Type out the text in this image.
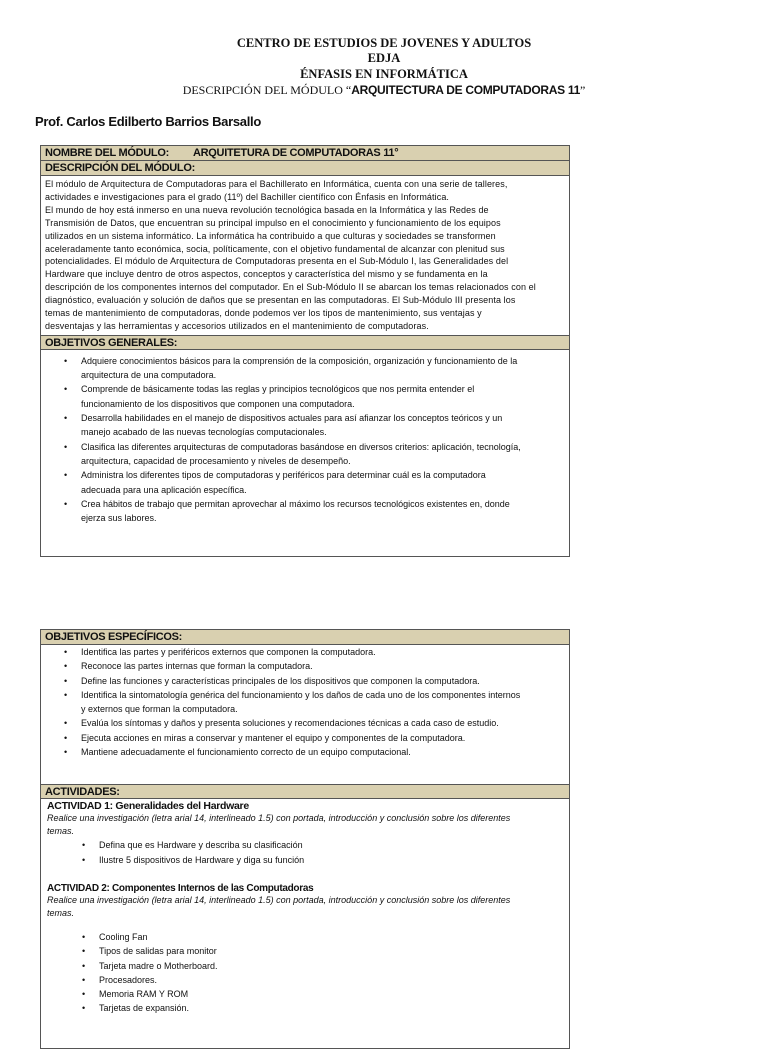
CENTRO DE ESTUDIOS DE JOVENES Y ADULTOS
EDJA
ÉNFASIS EN INFORMÁTICA
DESCRIPCIÓN DEL MÓDULO “ARQUITECTURA DE COMPUTADORAS 11”
Prof. Carlos Edilberto Barrios Barsallo
NOMBRE DEL MÓDULO: ARQUITETURA DE COMPUTADORAS 11°
DESCRIPCIÓN DEL MÓDULO:
El módulo de Arquitectura de Computadoras para el Bachillerato en Informática, cuenta con una serie de talleres,
actividades e investigaciones para el grado (11º) del Bachiller científico con Énfasis en Informática.
El mundo de hoy está inmerso en una nueva revolución tecnológica basada en la Informática y las Redes de
Transmisión de Datos, que encuentran su principal impulso en el conocimiento y funcionamiento de los equipos
utilizados en un sistema informático. La informática ha contribuido a que culturas y sociedades se transformen
aceleradamente tanto económica, socia, políticamente, con el objetivo fundamental de alcanzar con plenitud sus
potencialidades. El módulo de Arquitectura de Computadoras presenta en el Sub-Módulo I, las Generalidades del
Hardware que incluye dentro de otros aspectos, conceptos y característica del mismo y se fundamenta en la
descripción de los componentes internos del computador. En el Sub-Módulo II se abarcan los temas relacionados con el
diagnóstico, evaluación y solución de daños que se presentan en las computadoras. El Sub-Módulo III presenta los
temas de mantenimiento de computadoras, donde podemos ver los tipos de mantenimiento, sus ventajas y
desventajas y las herramientas y accesorios utilizados en el mantenimiento de computadoras.
OBJETIVOS GENERALES:
• Adquiere conocimientos básicos para la comprensión de la composición, organización y funcionamiento de la
arquitectura de una computadora.
• Comprende de básicamente todas las reglas y principios tecnológicos que nos permita entender el
funcionamiento de los dispositivos que componen una computadora.
• Desarrolla habilidades en el manejo de dispositivos actuales para así afianzar los conceptos teóricos y un
manejo acabado de las nuevas tecnologías computacionales.
• Clasifica las diferentes arquitecturas de computadoras basándose en diversos criterios: aplicación, tecnología,
arquitectura, capacidad de procesamiento y niveles de desempeño.
• Administra los diferentes tipos de computadoras y periféricos para determinar cuál es la computadora
adecuada para una aplicación específica.
• Crea hábitos de trabajo que permitan aprovechar al máximo los recursos tecnológicos existentes en, donde
ejerza sus labores.
OBJETIVOS ESPECÍFICOS:
• Identifica las partes y periféricos externos que componen la computadora.
• Reconoce las partes internas que forman la computadora.
• Define las funciones y características principales de los dispositivos que componen la computadora.
• Identifica la sintomatología genérica del funcionamiento y los daños de cada uno de los componentes internos
y externos que forman la computadora.
• Evalúa los síntomas y daños y presenta soluciones y recomendaciones técnicas a cada caso de estudio.
• Ejecuta acciones en miras a conservar y mantener el equipo y componentes de la computadora.
• Mantiene adecuadamente el funcionamiento correcto de un equipo computacional.
ACTIVIDADES:
ACTIVIDAD 1: Generalidades del Hardware
Realice una investigación (letra arial 14, interlineado 1.5) con portada, introducción y conclusión sobre los diferentes
temas.
• Defina que es Hardware y describa su clasificación
• Ilustre 5 dispositivos de Hardware y diga su función
ACTIVIDAD 2: Componentes Internos de las Computadoras
Realice una investigación (letra arial 14, interlineado 1.5) con portada, introducción y conclusión sobre los diferentes
temas.
• Cooling Fan
• Tipos de salidas para monitor
• Tarjeta madre o Motherboard.
• Procesadores.
• Memoria RAM Y ROM
• Tarjetas de expansión.
